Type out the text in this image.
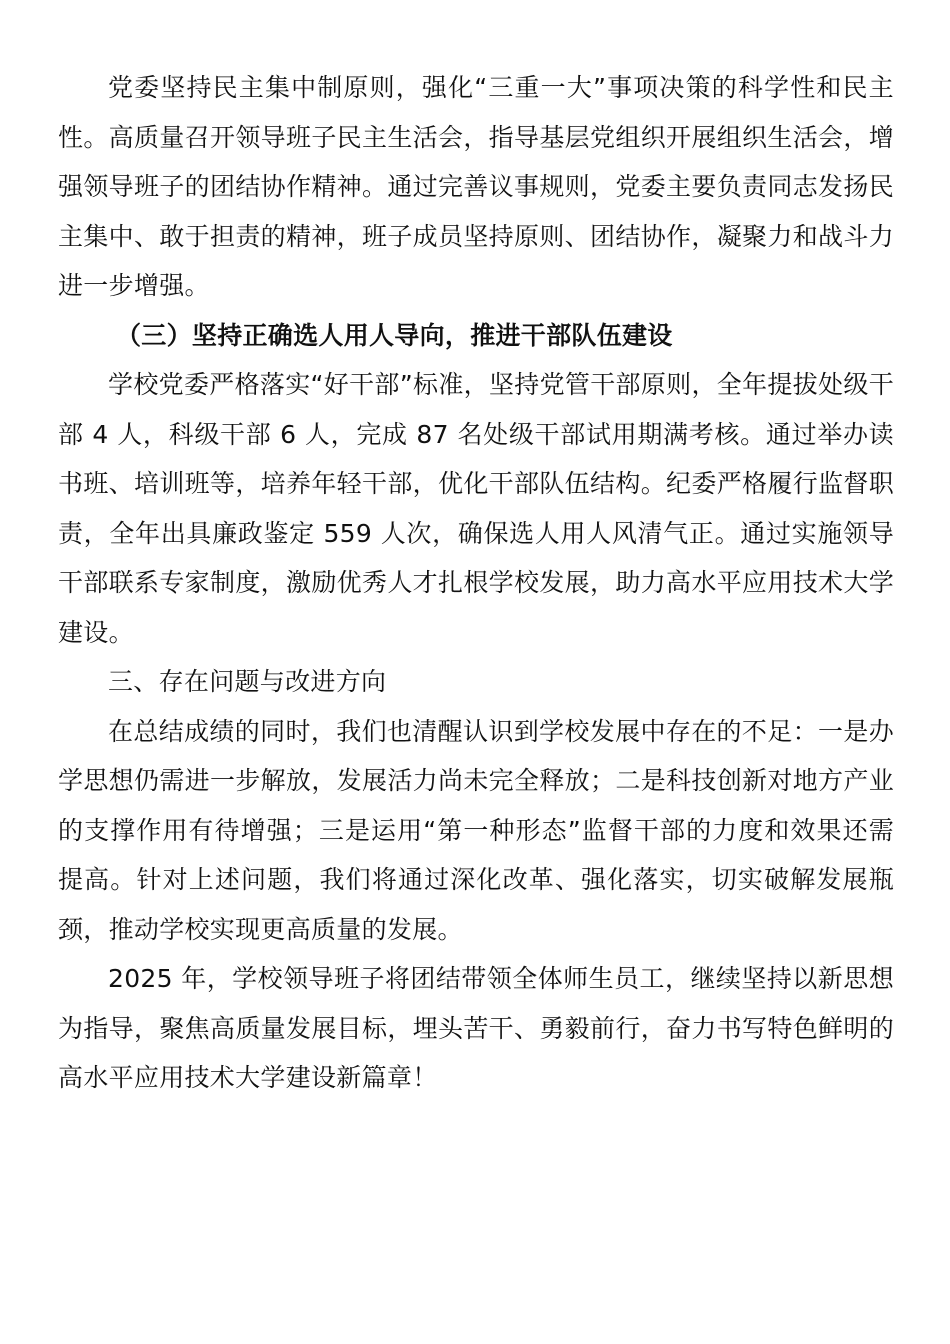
党委坚持民主集中制原则，强化“三重一大”事项决策的科学性和民主性。高质量召开领导班子民主生活会，指导基层党组织开展组织生活会，增强领导班子的团结协作精神。通过完善议事规则，党委主要负责同志发扬民主集中、敢于担责的精神，班子成员坚持原则、团结协作，凝聚力和战斗力进一步增强。

（三）坚持正确选人用人导向，推进干部队伍建设

学校党委严格落实“好干部”标准，坚持党管干部原则，全年提拔处级干部 4 人，科级干部 6 人，完成 87 名处级干部试用期满考核。通过举办读书班、培训班等，培养年轻干部，优化干部队伍结构。纪委严格履行监督职责，全年出具廉政鉴定 559 人次，确保选人用人风清气正。通过实施领导干部联系专家制度，激励优秀人才扎根学校发展，助力高水平应用技术大学建设。

三、存在问题与改进方向

在总结成绩的同时，我们也清醒认识到学校发展中存在的不足：一是办学思想仍需进一步解放，发展活力尚未完全释放；二是科技创新对地方产业的支撑作用有待增强；三是运用“第一种形态”监督干部的力度和效果还需提高。针对上述问题，我们将通过深化改革、强化落实，切实破解发展瓶颈，推动学校实现更高质量的发展。

2025 年，学校领导班子将团结带领全体师生员工，继续坚持以新思想为指导，聚焦高质量发展目标，埋头苦干、勇毅前行，奋力书写特色鲜明的高水平应用技术大学建设新篇章！
